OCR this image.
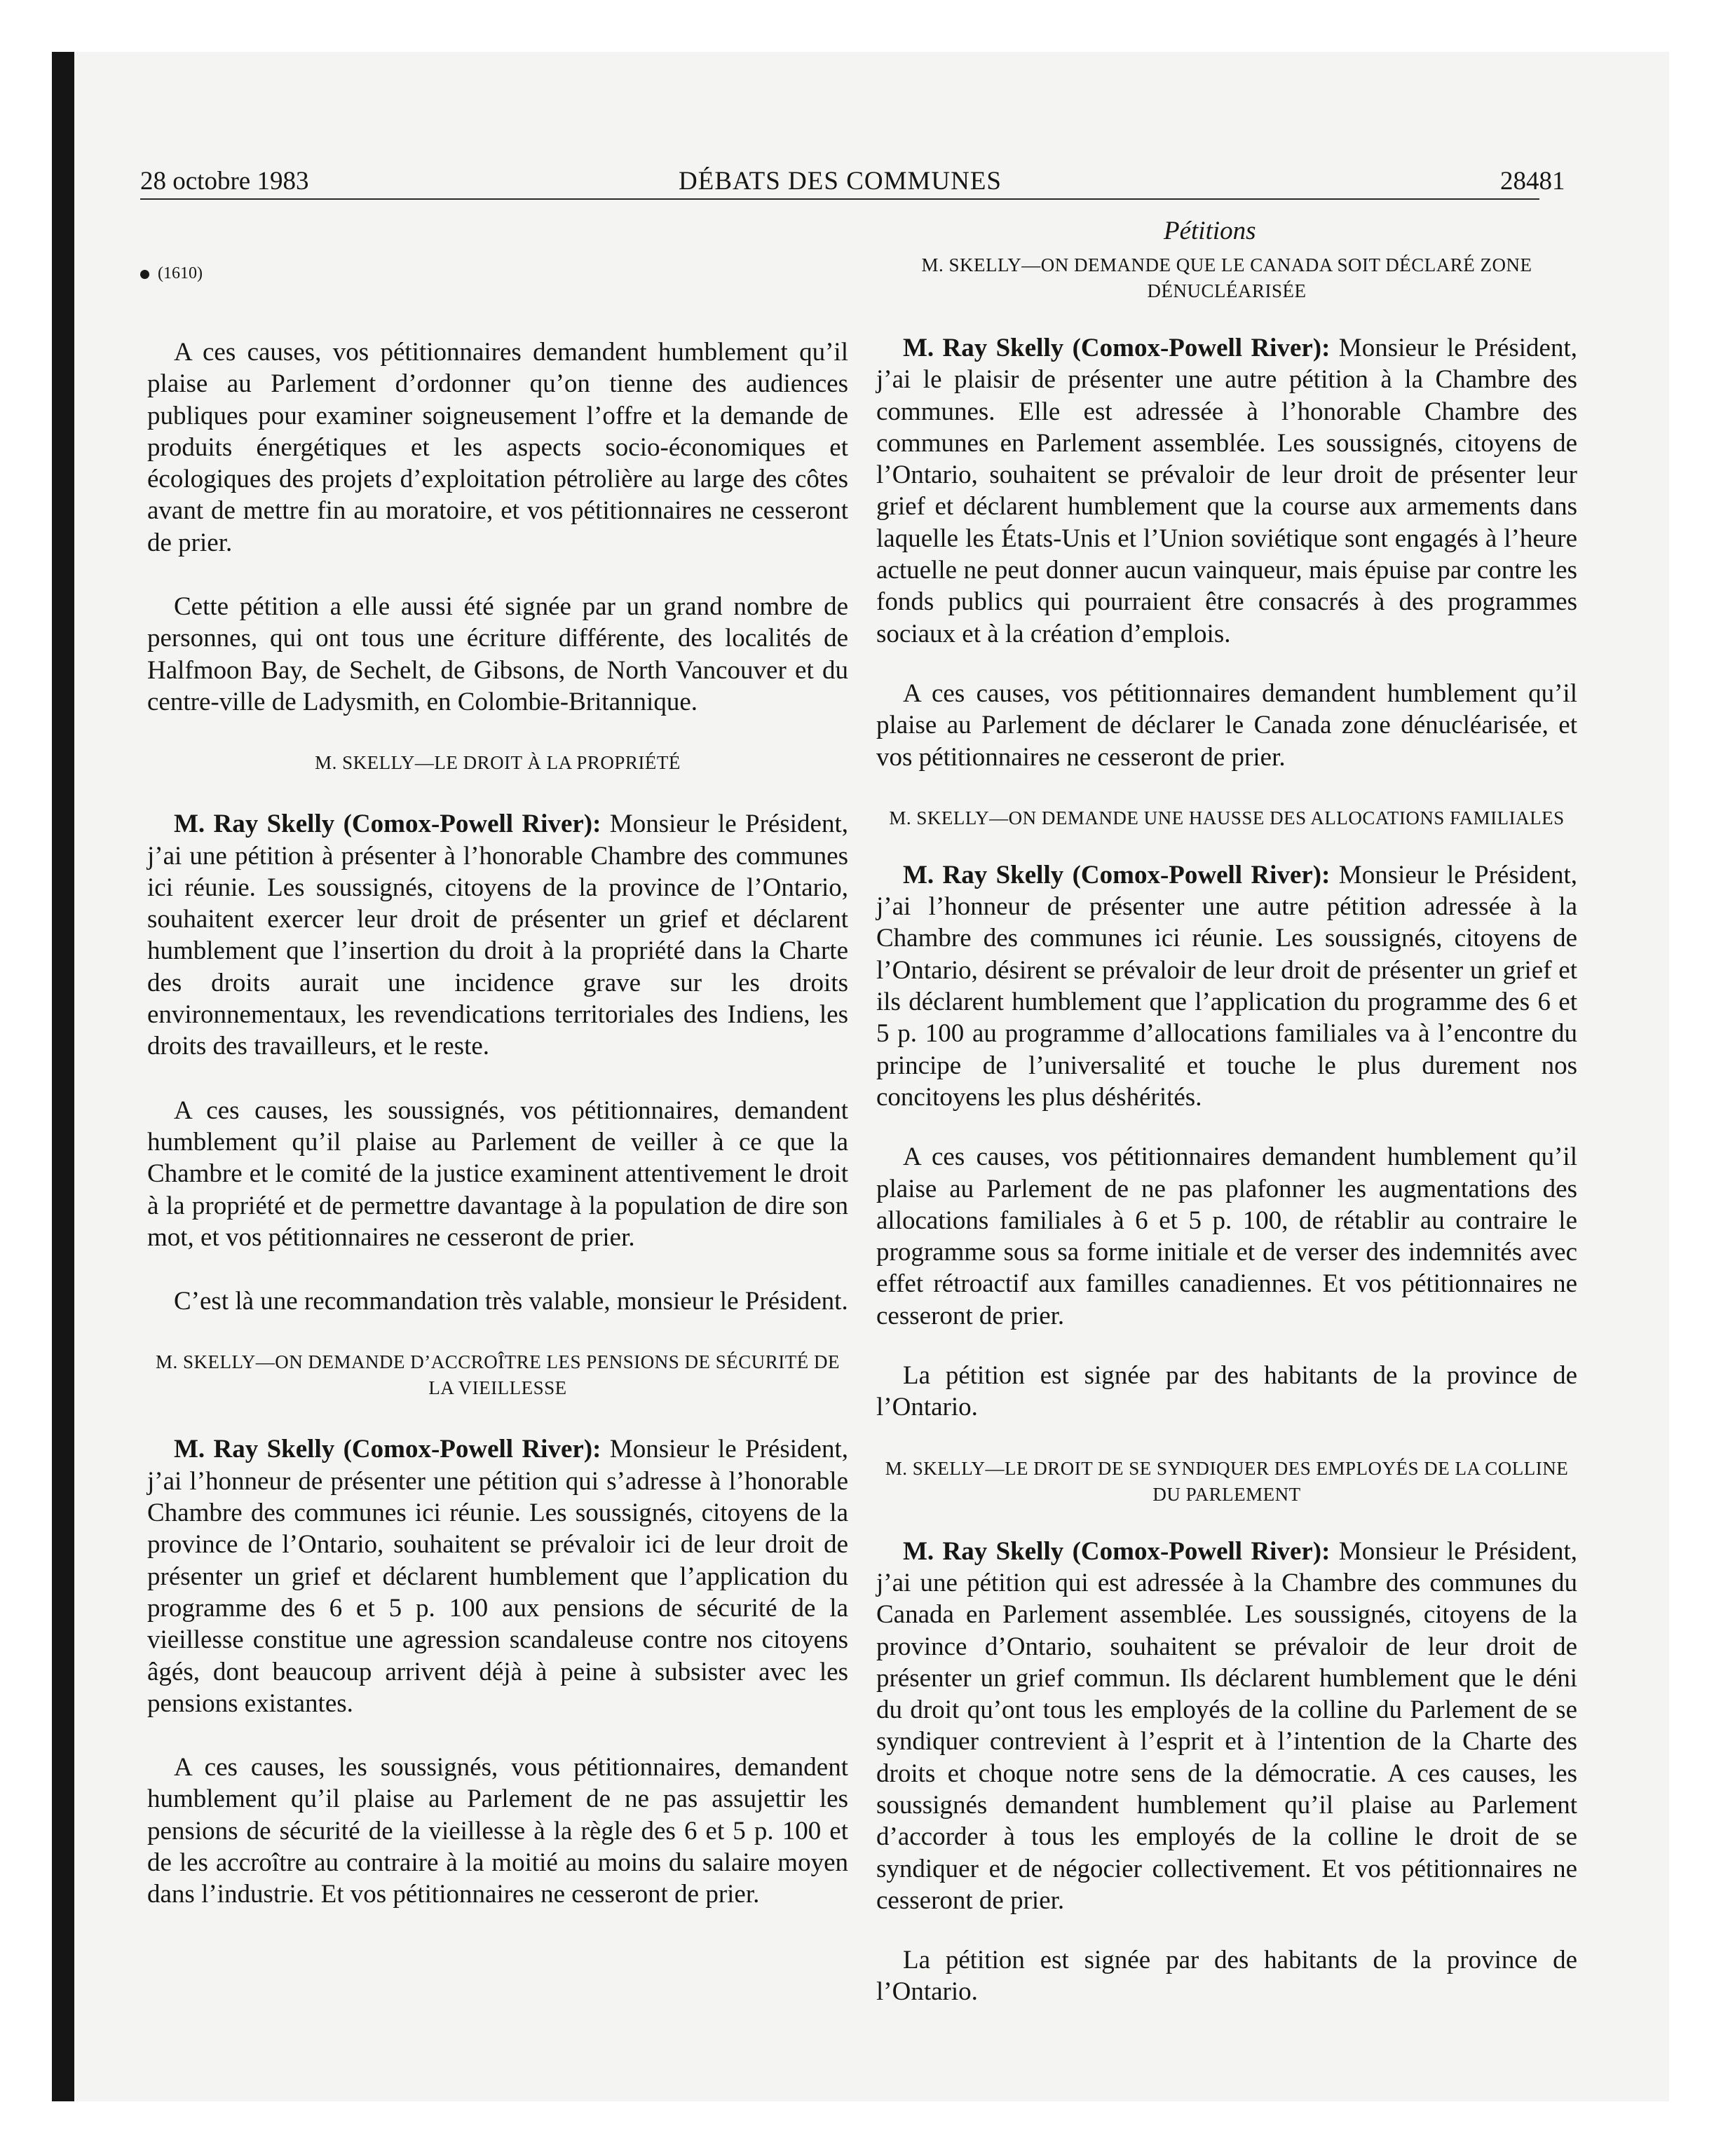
28 octobre 1983	DÉBATS DES COMMUNES	28481
Pétitions
(1610)

A ces causes, vos pétitionnaires demandent humblement qu’il plaise au Parlement d’ordonner qu’on tienne des audiences publiques pour examiner soigneusement l’offre et la demande de produits énergétiques et les aspects socio-économiques et écologiques des projets d’exploitation pétrolière au large des côtes avant de mettre fin au moratoire, et vos pétitionnaires ne cesseront de prier.

Cette pétition a elle aussi été signée par un grand nombre de personnes, qui ont tous une écriture différente, des localités de Halfmoon Bay, de Sechelt, de Gibsons, de North Vancouver et du centre-ville de Ladysmith, en Colombie-Britannique.

M. SKELLY—LE DROIT À LA PROPRIÉTÉ

M. Ray Skelly (Comox-Powell River): Monsieur le Président, j’ai une pétition à présenter à l’honorable Chambre des communes ici réunie. Les soussignés, citoyens de la province de l’Ontario, souhaitent exercer leur droit de présenter un grief et déclarent humblement que l’insertion du droit à la propriété dans la Charte des droits aurait une incidence grave sur les droits environnementaux, les revendications territoriales des Indiens, les droits des travailleurs, et le reste.

A ces causes, les soussignés, vos pétitionnaires, demandent humblement qu’il plaise au Parlement de veiller à ce que la Chambre et le comité de la justice examinent attentivement le droit à la propriété et de permettre davantage à la population de dire son mot, et vos pétitionnaires ne cesseront de prier.

C’est là une recommandation très valable, monsieur le Président.

M. SKELLY—ON DEMANDE D’ACCROÎTRE LES PENSIONS DE SÉCURITÉ DE LA VIEILLESSE

M. Ray Skelly (Comox-Powell River): Monsieur le Président, j’ai l’honneur de présenter une pétition qui s’adresse à l’honorable Chambre des communes ici réunie. Les soussignés, citoyens de la province de l’Ontario, souhaitent se prévaloir ici de leur droit de présenter un grief et déclarent humblement que l’application du programme des 6 et 5 p. 100 aux pensions de sécurité de la vieillesse constitue une agression scandaleuse contre nos citoyens âgés, dont beaucoup arrivent déjà à peine à subsister avec les pensions existantes.

A ces causes, les soussignés, vous pétitionnaires, demandent humblement qu’il plaise au Parlement de ne pas assujettir les pensions de sécurité de la vieillesse à la règle des 6 et 5 p. 100 et de les accroître au contraire à la moitié au moins du salaire moyen dans l’industrie. Et vos pétitionnaires ne cesseront de prier.

M. SKELLY—ON DEMANDE QUE LE CANADA SOIT DÉCLARÉ ZONE DÉNUCLÉARISÉE

M. Ray Skelly (Comox-Powell River): Monsieur le Président, j’ai le plaisir de présenter une autre pétition à la Chambre des communes. Elle est adressée à l’honorable Chambre des communes en Parlement assemblée. Les soussignés, citoyens de l’Ontario, souhaitent se prévaloir de leur droit de présenter leur grief et déclarent humblement que la course aux armements dans laquelle les États-Unis et l’Union soviétique sont engagés à l’heure actuelle ne peut donner aucun vainqueur, mais épuise par contre les fonds publics qui pourraient être consacrés à des programmes sociaux et à la création d’emplois.

A ces causes, vos pétitionnaires demandent humblement qu’il plaise au Parlement de déclarer le Canada zone dénucléarisée, et vos pétitionnaires ne cesseront de prier.

M. SKELLY—ON DEMANDE UNE HAUSSE DES ALLOCATIONS FAMILIALES

M. Ray Skelly (Comox-Powell River): Monsieur le Président, j’ai l’honneur de présenter une autre pétition adressée à la Chambre des communes ici réunie. Les soussignés, citoyens de l’Ontario, désirent se prévaloir de leur droit de présenter un grief et ils déclarent humblement que l’application du programme des 6 et 5 p. 100 au programme d’allocations familiales va à l’encontre du principe de l’universalité et touche le plus durement nos concitoyens les plus déshérités.

A ces causes, vos pétitionnaires demandent humblement qu’il plaise au Parlement de ne pas plafonner les augmentations des allocations familiales à 6 et 5 p. 100, de rétablir au contraire le programme sous sa forme initiale et de verser des indemnités avec effet rétroactif aux familles canadiennes. Et vos pétitionnaires ne cesseront de prier.

La pétition est signée par des habitants de la province de l’Ontario.

M. SKELLY—LE DROIT DE SE SYNDIQUER DES EMPLOYÉS DE LA COLLINE DU PARLEMENT

M. Ray Skelly (Comox-Powell River): Monsieur le Président, j’ai une pétition qui est adressée à la Chambre des communes du Canada en Parlement assemblée. Les soussignés, citoyens de la province d’Ontario, souhaitent se prévaloir de leur droit de présenter un grief commun. Ils déclarent humblement que le déni du droit qu’ont tous les employés de la colline du Parlement de se syndiquer contrevient à l’esprit et à l’intention de la Charte des droits et choque notre sens de la démocratie. A ces causes, les soussignés demandent humblement qu’il plaise au Parlement d’accorder à tous les employés de la colline le droit de se syndiquer et de négocier collectivement. Et vos pétitionnaires ne cesseront de prier.

La pétition est signée par des habitants de la province de l’Ontario.
